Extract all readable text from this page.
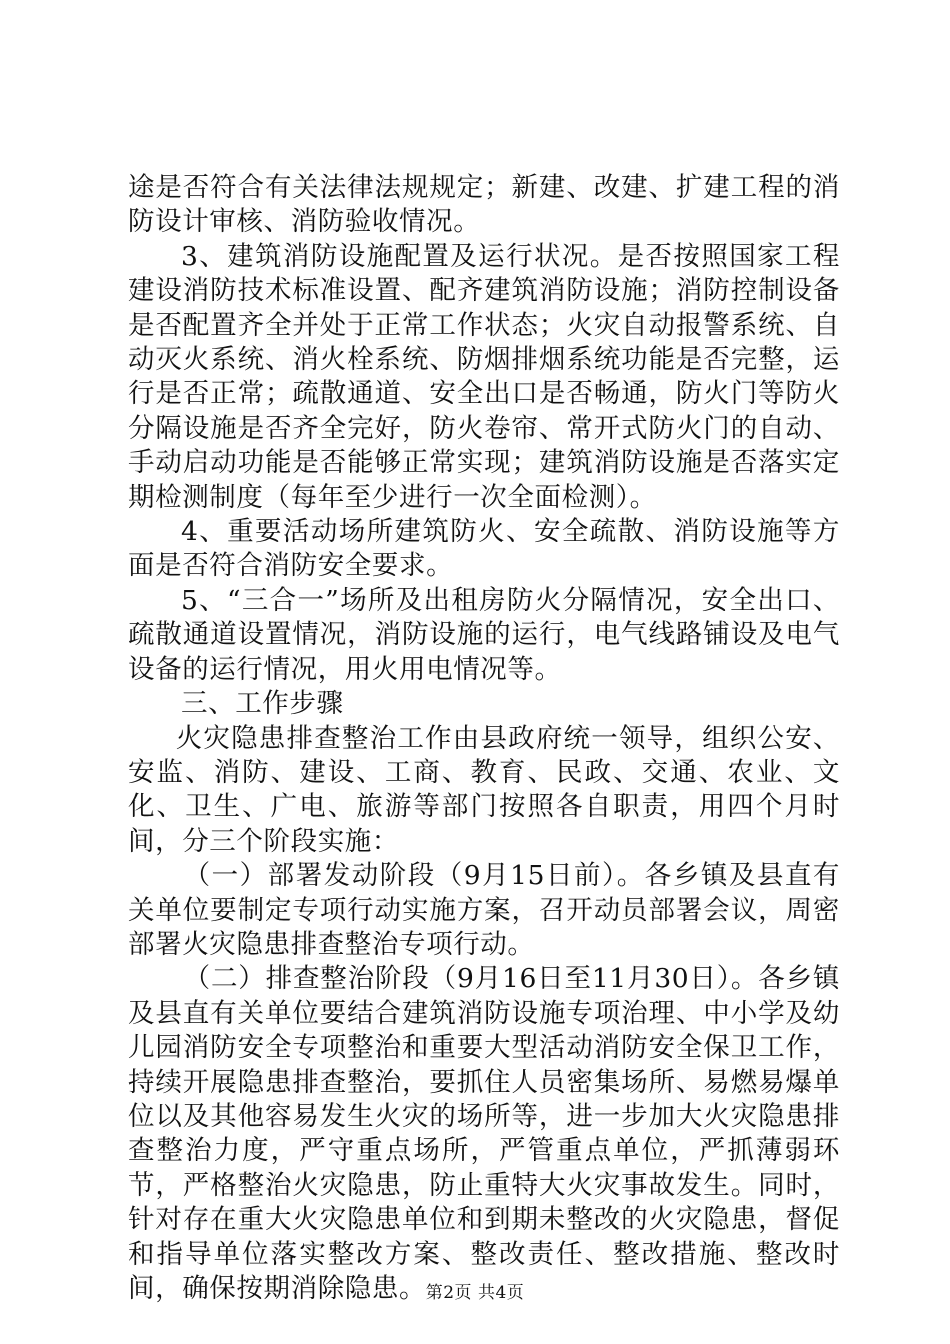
途是否符合有关法律法规规定；新建、改建、扩建工程的消防设计审核、消防验收情况。

3、建筑消防设施配置及运行状况。是否按照国家工程建设消防技术标准设置、配齐建筑消防设施；消防控制设备是否配置齐全并处于正常工作状态；火灾自动报警系统、自动灭火系统、消火栓系统、防烟排烟系统功能是否完整，运行是否正常；疏散通道、安全出口是否畅通，防火门等防火分隔设施是否齐全完好，防火卷帘、常开式防火门的自动、手动启动功能是否能够正常实现；建筑消防设施是否落实定期检测制度（每年至少进行一次全面检测）。

4、重要活动场所建筑防火、安全疏散、消防设施等方面是否符合消防安全要求。

5、“三合一”场所及出租房防火分隔情况，安全出口、疏散通道设置情况，消防设施的运行，电气线路铺设及电气设备的运行情况，用火用电情况等。

三、工作步骤

火灾隐患排查整治工作由县政府统一领导，组织公安、安监、消防、建设、工商、教育、民政、交通、农业、文化、卫生、广电、旅游等部门按照各自职责，用四个月时间，分三个阶段实施：

（一）部署发动阶段（9月15日前）。各乡镇及县直有关单位要制定专项行动实施方案，召开动员部署会议，周密部署火灾隐患排查整治专项行动。

（二）排查整治阶段（9月16日至11月30日）。各乡镇及县直有关单位要结合建筑消防设施专项治理、中小学及幼儿园消防安全专项整治和重要大型活动消防安全保卫工作，持续开展隐患排查整治，要抓住人员密集场所、易燃易爆单位以及其他容易发生火灾的场所等，进一步加大火灾隐患排查整治力度，严守重点场所，严管重点单位，严抓薄弱环节，严格整治火灾隐患，防止重特大火灾事故发生。同时，针对存在重大火灾隐患单位和到期未整改的火灾隐患，督促和指导单位落实整改方案、整改责任、整改措施、整改时间，确保按期消除隐患。 第2页 共4页
